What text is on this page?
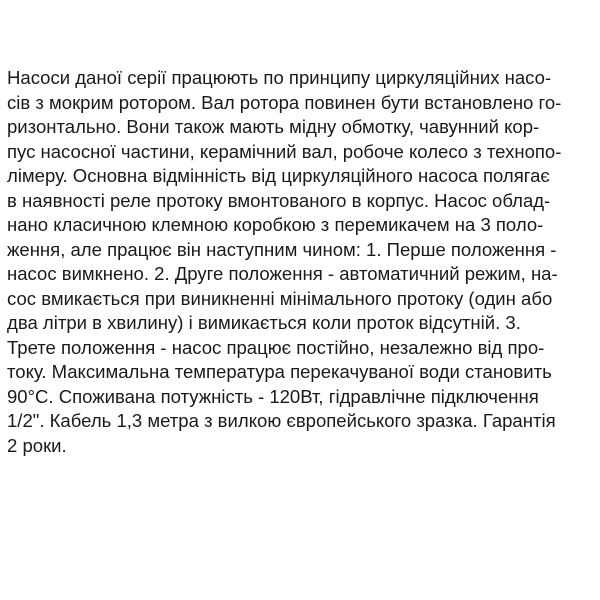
Насоси даної серії працюють по принципу циркуляційних насо-
сів з мокрим ротором. Вал ротора повинен бути встановлено го-
ризонтально. Вони також мають мідну обмотку, чавунний кор-
пус насосної частини, керамічний вал, робоче колесо з технопо-
лімеру. Основна відмінність від циркуляційного насоса полягає
в наявності реле протоку вмонтованого в корпус. Насос облад-
нано класичною клемною коробкою з перемикачем на 3 поло-
ження, але працює він наступним чином: 1. Перше положення -
насос вимкнено. 2. Друге положення - автоматичний режим, на-
сос вмикається при виникненні мінімального протоку (один або
два літри в хвилину) і вимикається коли проток відсутній. 3.
Трете положення - насос працює постійно, незалежно від про-
току. Максимальна температура перекачуваної води становить
90°С. Споживана потужність - 120Вт, гідравлічне підключення
1/2". Кабель 1,3 метра з вилкою європейського зразка. Гарантія
2 роки.
